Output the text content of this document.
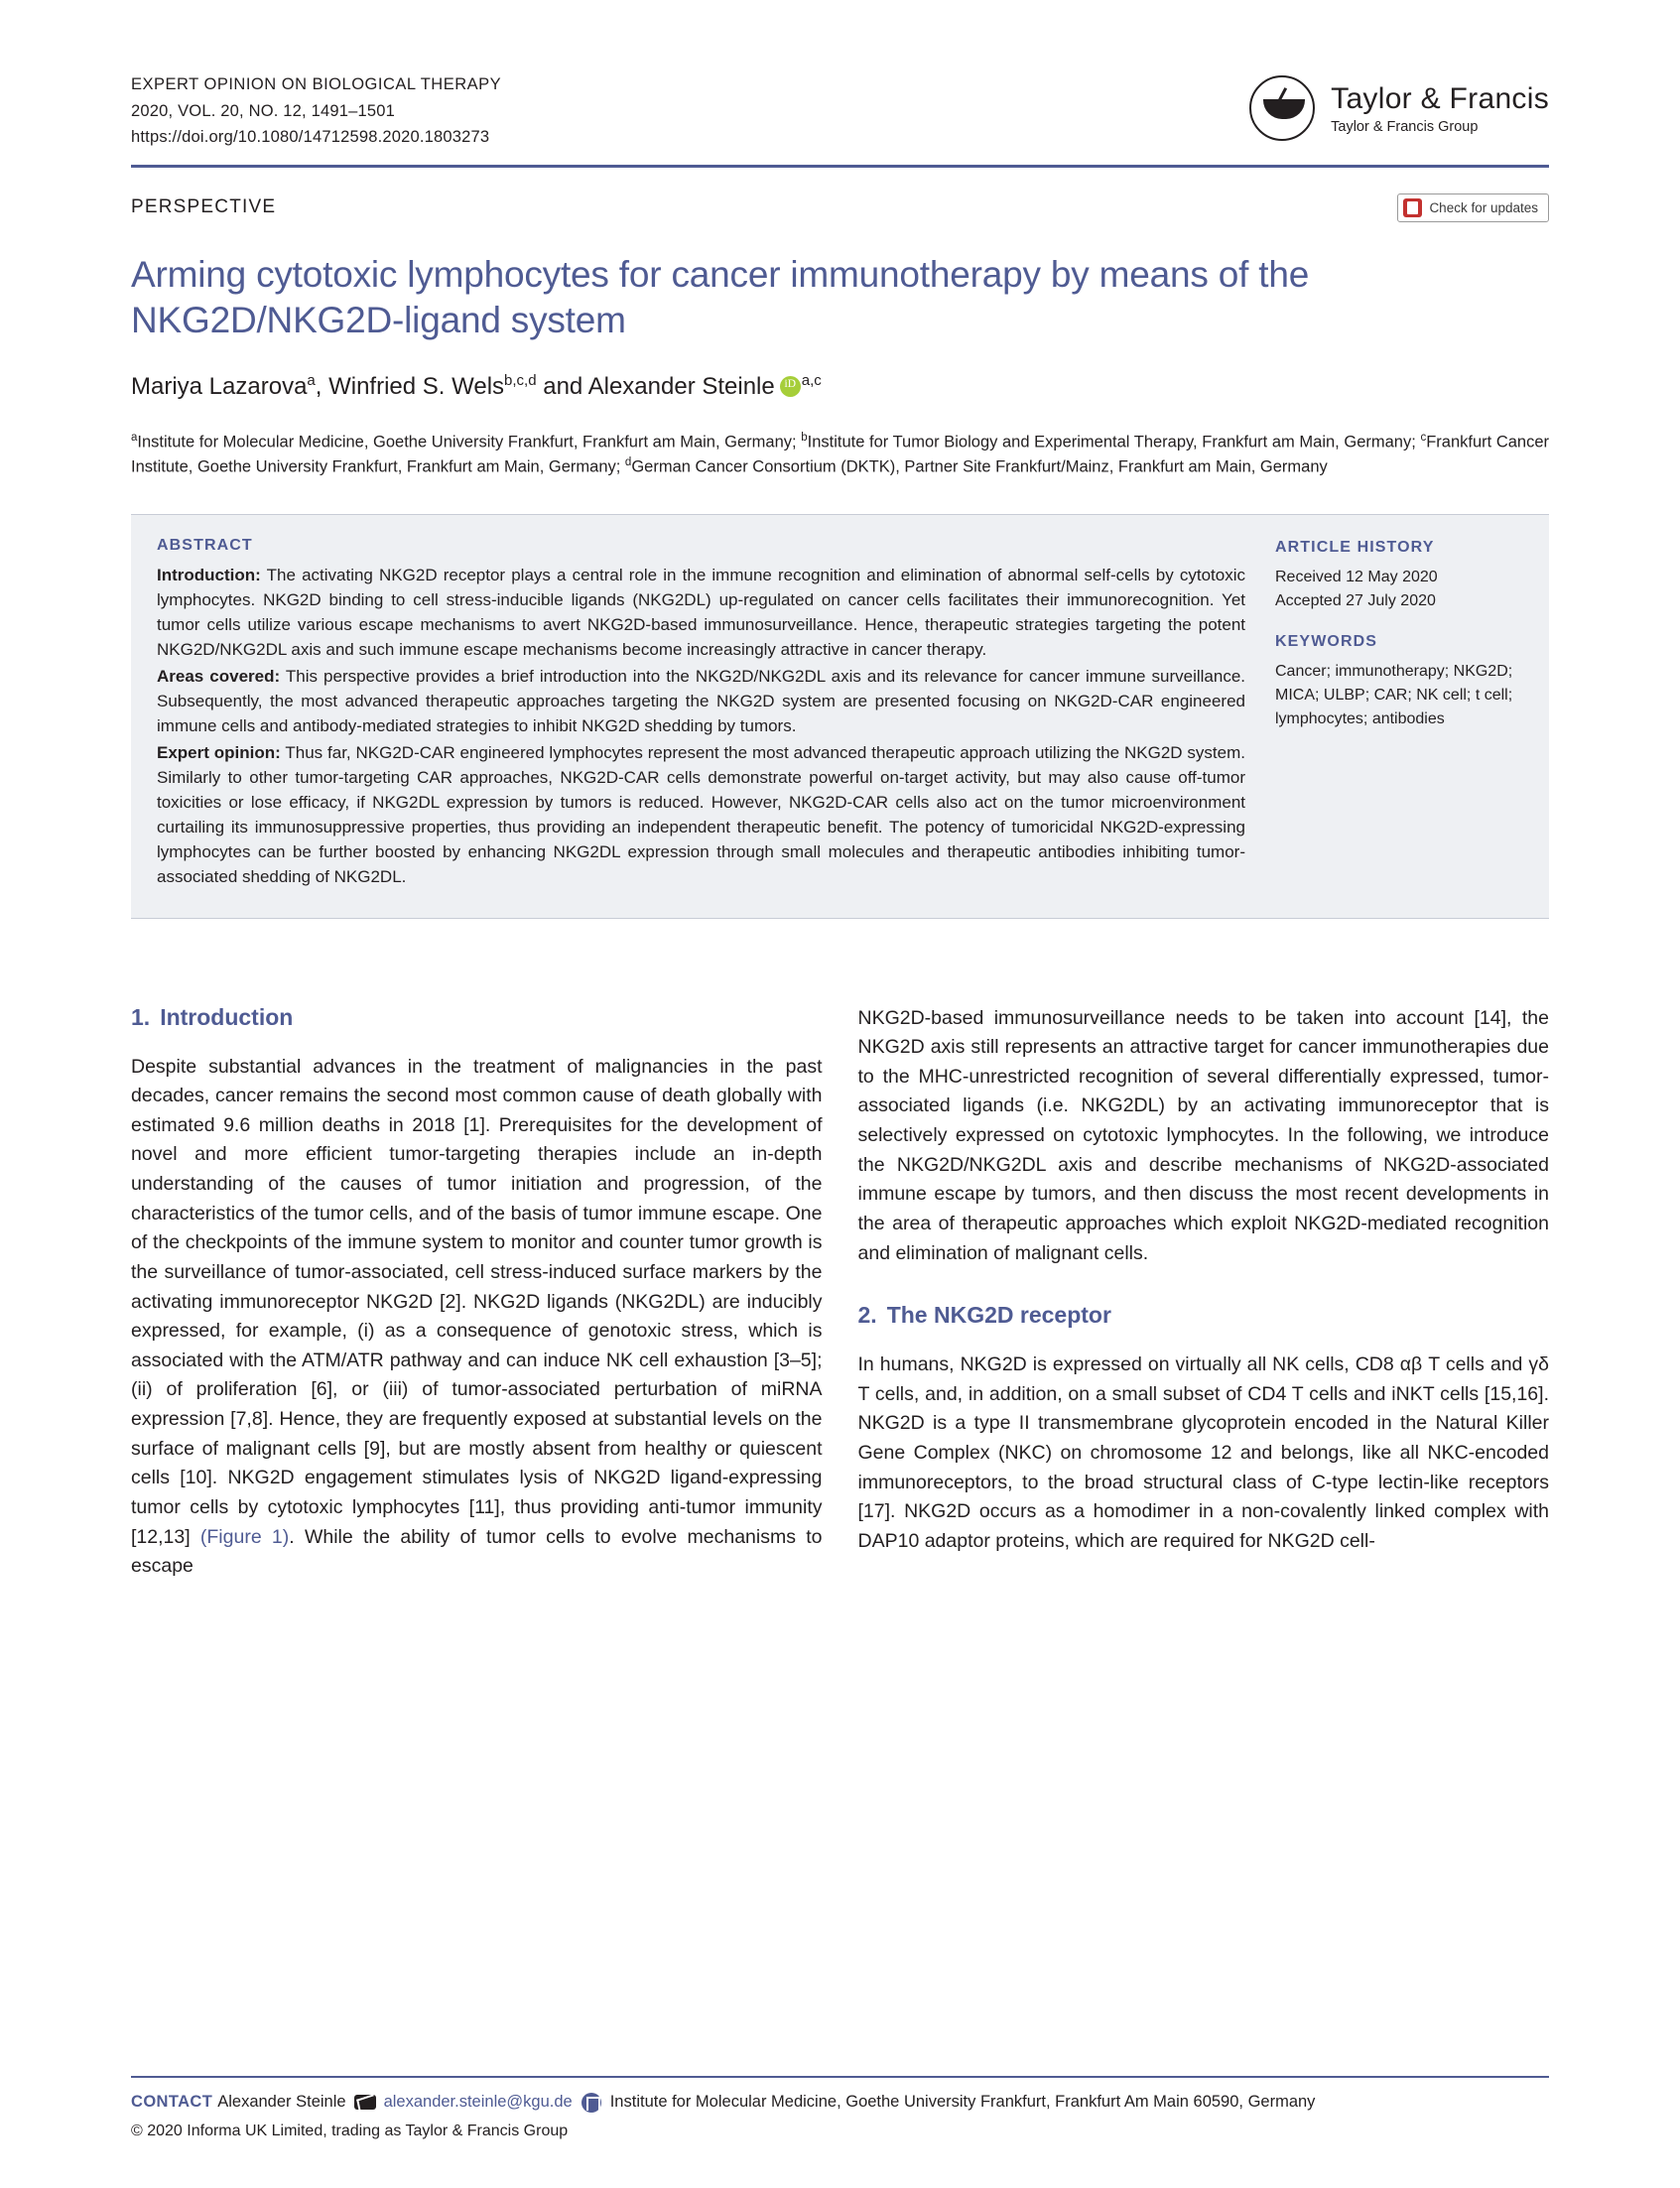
EXPERT OPINION ON BIOLOGICAL THERAPY
2020, VOL. 20, NO. 12, 1491–1501
https://doi.org/10.1080/14712598.2020.1803273
Taylor & Francis
Taylor & Francis Group
PERSPECTIVE	Check for updates
Arming cytotoxic lymphocytes for cancer immunotherapy by means of the NKG2D/NKG2D-ligand system
Mariya Lazarova$^a$, Winfried S. Wels$^{b,c,d}$ and Alexander Steinle iD $^{a,c}$
$^a$Institute for Molecular Medicine, Goethe University Frankfurt, Frankfurt am Main, Germany; $^b$Institute for Tumor Biology and Experimental Therapy, Frankfurt am Main, Germany; $^c$Frankfurt Cancer Institute, Goethe University Frankfurt, Frankfurt am Main, Germany; $^d$German Cancer Consortium (DKTK), Partner Site Frankfurt/Mainz, Frankfurt am Main, Germany
ABSTRACT

Introduction: The activating NKG2D receptor plays a central role in the immune recognition and elimination of abnormal self-cells by cytotoxic lymphocytes. NKG2D binding to cell stress-inducible ligands (NKG2DL) up-regulated on cancer cells facilitates their immunorecognition. Yet tumor cells utilize various escape mechanisms to avert NKG2D-based immunosurveillance. Hence, therapeutic strategies targeting the potent NKG2D/NKG2DL axis and such immune escape mechanisms become increasingly attractive in cancer therapy.

Areas covered: This perspective provides a brief introduction into the NKG2D/NKG2DL axis and its relevance for cancer immune surveillance. Subsequently, the most advanced therapeutic approaches targeting the NKG2D system are presented focusing on NKG2D-CAR engineered immune cells and antibody-mediated strategies to inhibit NKG2D shedding by tumors.

Expert opinion: Thus far, NKG2D-CAR engineered lymphocytes represent the most advanced therapeutic approach utilizing the NKG2D system. Similarly to other tumor-targeting CAR approaches, NKG2D-CAR cells demonstrate powerful on-target activity, but may also cause off-tumor toxicities or lose efficacy, if NKG2DL expression by tumors is reduced. However, NKG2D-CAR cells also act on the tumor microenvironment curtailing its immunosuppressive properties, thus providing an independent therapeutic benefit. The potency of tumoricidal NKG2D-expressing lymphocytes can be further boosted by enhancing NKG2DL expression through small molecules and therapeutic antibodies inhibiting tumor-associated shedding of NKG2DL.

ARTICLE HISTORY
Received 12 May 2020
Accepted 27 July 2020
KEYWORDS
Cancer; immunotherapy; NKG2D; MICA; ULBP; CAR; NK cell; t cell; lymphocytes; antibodies
1. Introduction

Despite substantial advances in the treatment of malignancies in the past decades, cancer remains the second most common cause of death globally with estimated 9.6 million deaths in 2018 [1]. Prerequisites for the development of novel and more efficient tumor-targeting therapies include an in-depth understanding of the causes of tumor initiation and progression, of the characteristics of the tumor cells, and of the basis of tumor immune escape. One of the checkpoints of the immune system to monitor and counter tumor growth is the surveillance of tumor-associated, cell stress-induced surface markers by the activating immunoreceptor NKG2D [2]. NKG2D ligands (NKG2DL) are inducibly expressed, for example, (i) as a consequence of genotoxic stress, which is associated with the ATM/ATR pathway and can induce NK cell exhaustion [3–5]; (ii) of proliferation [6], or (iii) of tumor-associated perturbation of miRNA expression [7,8]. Hence, they are frequently exposed at substantial levels on the surface of malignant cells [9], but are mostly absent from healthy or quiescent cells [10]. NKG2D engagement stimulates lysis of NKG2D ligand-expressing tumor cells by cytotoxic lymphocytes [11], thus providing anti-tumor immunity [12,13] (Figure 1). While the ability of tumor cells to evolve mechanisms to escape

NKG2D-based immunosurveillance needs to be taken into account [14], the NKG2D axis still represents an attractive target for cancer immunotherapies due to the MHC-unrestricted recognition of several differentially expressed, tumor-associated ligands (i.e. NKG2DL) by an activating immunoreceptor that is selectively expressed on cytotoxic lymphocytes. In the following, we introduce the NKG2D/NKG2DL axis and describe mechanisms of NKG2D-associated immune escape by tumors, and then discuss the most recent developments in the area of therapeutic approaches which exploit NKG2D-mediated recognition and elimination of malignant cells.

2. The NKG2D receptor

In humans, NKG2D is expressed on virtually all NK cells, CD8 αβ T cells and γδ T cells, and, in addition, on a small subset of CD4 T cells and iNKT cells [15,16]. NKG2D is a type II transmembrane glycoprotein encoded in the Natural Killer Gene Complex (NKC) on chromosome 12 and belongs, like all NKC-encoded immunoreceptors, to the broad structural class of C-type lectin-like receptors [17]. NKG2D occurs as a homodimer in a non-covalently linked complex with DAP10 adaptor proteins, which are required for NKG2D cell-

CONTACT Alexander Steinle alexander.steinle@kgu.de Institute for Molecular Medicine, Goethe University Frankfurt, Frankfurt Am Main 60590, Germany
© 2020 Informa UK Limited, trading as Taylor & Francis Group
